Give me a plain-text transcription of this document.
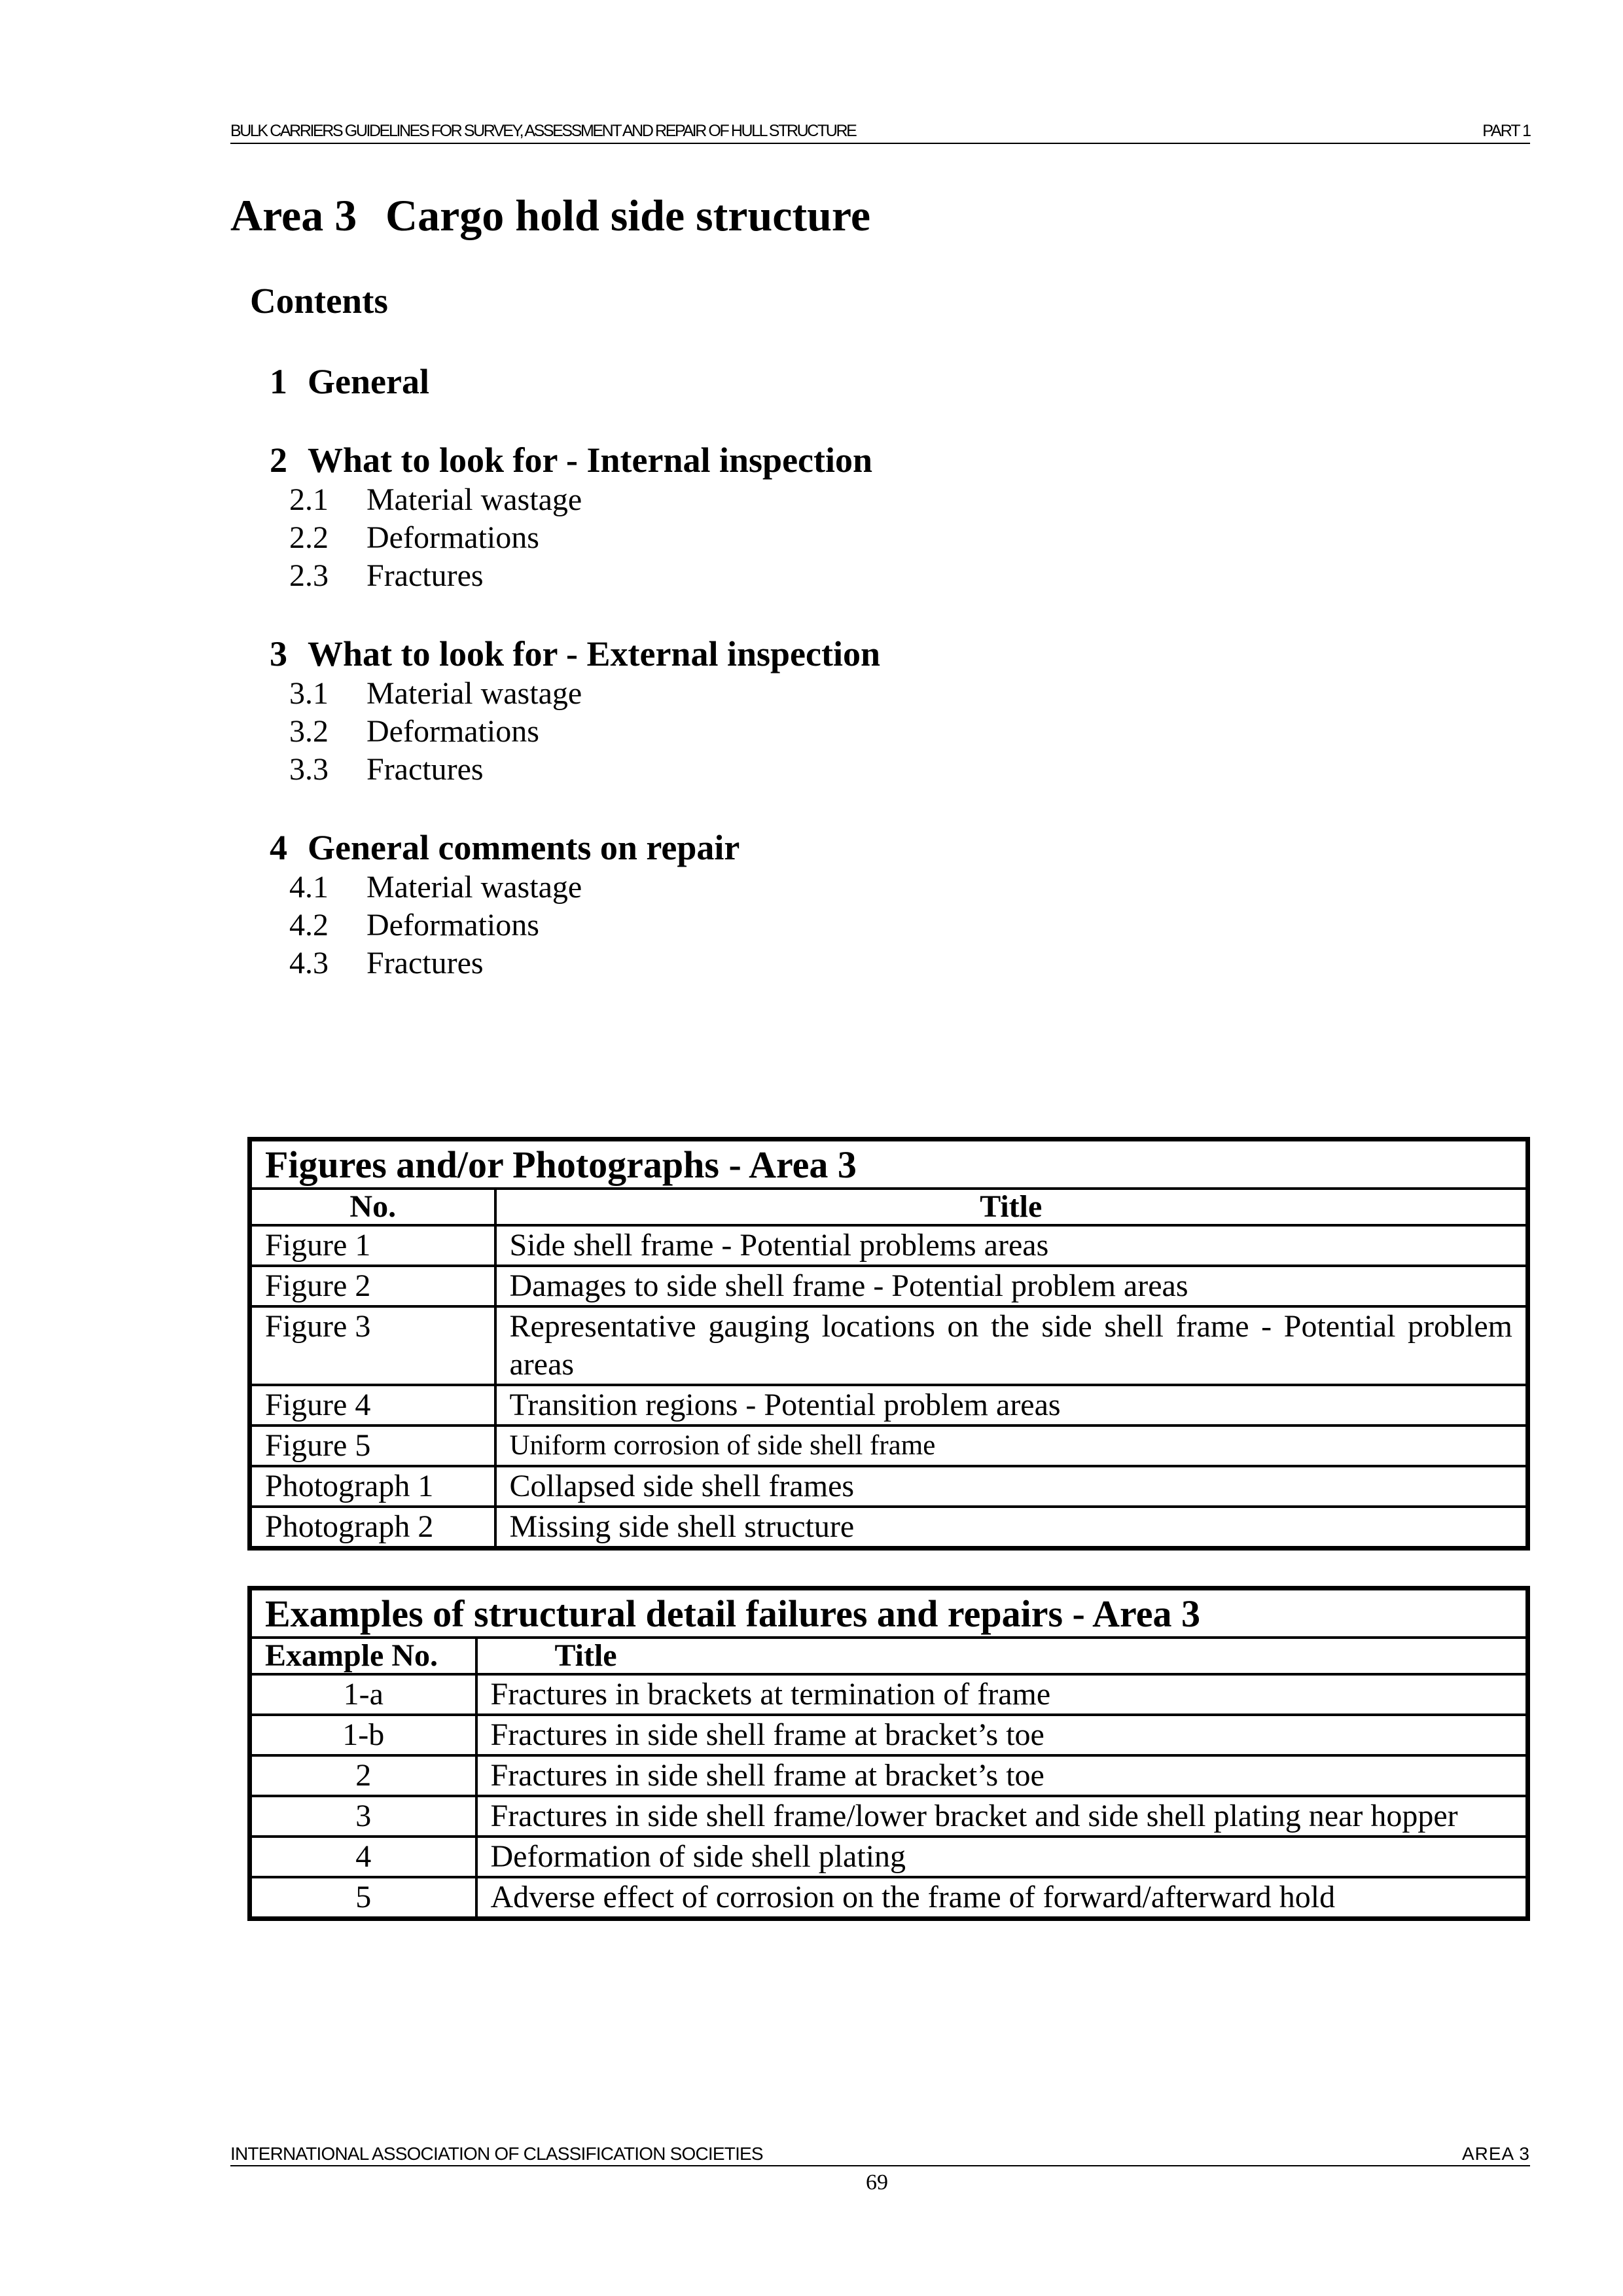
BULK CARRIERS GUIDELINES FOR SURVEY, ASSESSMENT AND REPAIR OF HULL STRUCTURE	PART 1
Area 3 Cargo hold side structure
Contents
1 General
2 What to look for - Internal inspection
2.1 Material wastage
2.2 Deformations
2.3 Fractures
3 What to look for - External inspection
3.1 Material wastage
3.2 Deformations
3.3 Fractures
4 General comments on repair
4.1 Material wastage
4.2 Deformations
4.3 Fractures
Figures and/or Photographs - Area 3	
No.	Title
Figure 1	Side shell frame - Potential problems areas
Figure 2	Damages to side shell frame - Potential problem areas
Figure 3	Representative gauging locations on the side shell frame - Potential problem areas
Figure 4	Transition regions - Potential problem areas
Figure 5	Uniform corrosion of side shell frame
Photograph 1	Collapsed side shell frames
Photograph 2	Missing side shell structure
Examples of structural detail failures and repairs - Area 3	
Example No.	Title
1-a	Fractures in brackets at termination of frame
1-b	Fractures in side shell frame at bracket’s toe
2	Fractures in side shell frame at bracket’s toe
3	Fractures in side shell frame/lower bracket and side shell plating near hopper
4	Deformation of side shell plating
5	Adverse effect of corrosion on the frame of forward/afterward hold
INTERNATIONAL ASSOCIATION OF CLASSIFICATION SOCIETIES	AREA 3
69
